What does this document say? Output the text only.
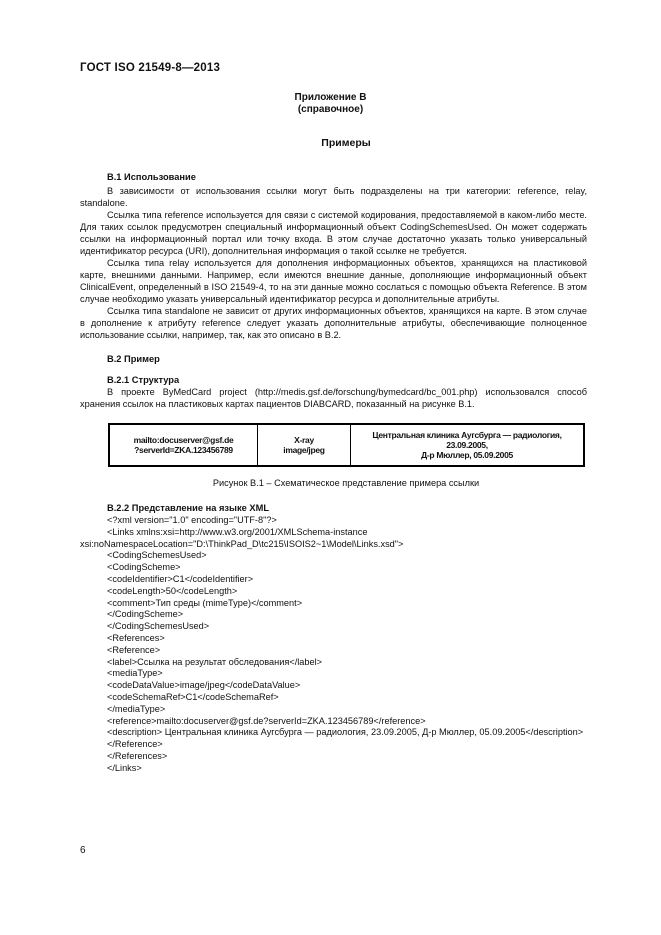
ГОСТ ISO 21549-8—2013
Приложение В
(справочное)
Примеры
В.1 Использование

В зависимости от использования ссылки могут быть подразделены на три категории: reference, relay, standalone.

Ссылка типа reference используется для связи с системой кодирования, предоставляемой в каком-либо месте. Для таких ссылок предусмотрен специальный информационный объект CodingSchemesUsed. Он может содержать ссылки на информационный портал или точку входа. В этом случае достаточно указать только универсальный идентификатор ресурса (URI), дополнительная информация о такой ссылке не требуется.

Ссылка типа relay используется для дополнения информационных объектов, хранящихся на пластиковой карте, внешними данными. Например, если имеются внешние данные, дополняющие информационный объект ClinicalEvent, определенный в ISO 21549-4, то на эти данные можно сослаться с помощью объекта Reference. В этом случае необходимо указать универсальный идентификатор ресурса и дополнительные атрибуты.

Ссылка типа standalone не зависит от других информационных объектов, хранящихся на карте. В этом случае в дополнение к атрибуту reference следует указать дополнительные атрибуты, обеспечивающие полноценное использование ссылки, например, так, как это описано в В.2.

В.2 Пример
В.2.1 Структура

В проекте ByMedCard project (http://medis.gsf.de/forschung/bymedcard/bc_001.php) использовался способ хранения ссылок на пластиковых картах пациентов DIABCARD, показанный на рисунке В.1.

mailto:docuserver@gsf.de
?serverId=ZKA.123456789
X-ray
image/jpeg
Центральная клиника Аугсбурга — радиология,
23.09.2005,
Д-р Мюллер, 05.09.2005
Рисунок В.1 – Схематическое представление примера ссылки
В.2.2 Представление на языке XML
<?xml version="1.0" encoding="UTF-8"?>
<Links xmlns:xsi=http://www.w3.org/2001/XMLSchema-instance
xsi:noNamespaceLocation="D:\ThinkPad_D\tc215\ISOIS2~1\Model\Links.xsd">
<CodingSchemesUsed>
<CodingScheme>
<codeIdentifier>C1</codeIdentifier>
<codeLength>50</codeLength>
<comment>Тип среды (mimeType)</comment>
</CodingScheme>
</CodingSchemesUsed>
<References>
<Reference>
<label>Ссылка на результат обследования</label>
<mediaType>
<codeDataValue>image/jpeg</codeDataValue>
<codeSchemaRef>C1</codeSchemaRef>
</mediaType>
<reference>mailto:docuserver@gsf.de?serverId=ZKA.123456789</reference>
<description> Центральная клиника Аугсбурга — радиология, 23.09.2005, Д-р Мюллер, 05.09.2005</description>
</Reference>
</References>
</Links>
6
